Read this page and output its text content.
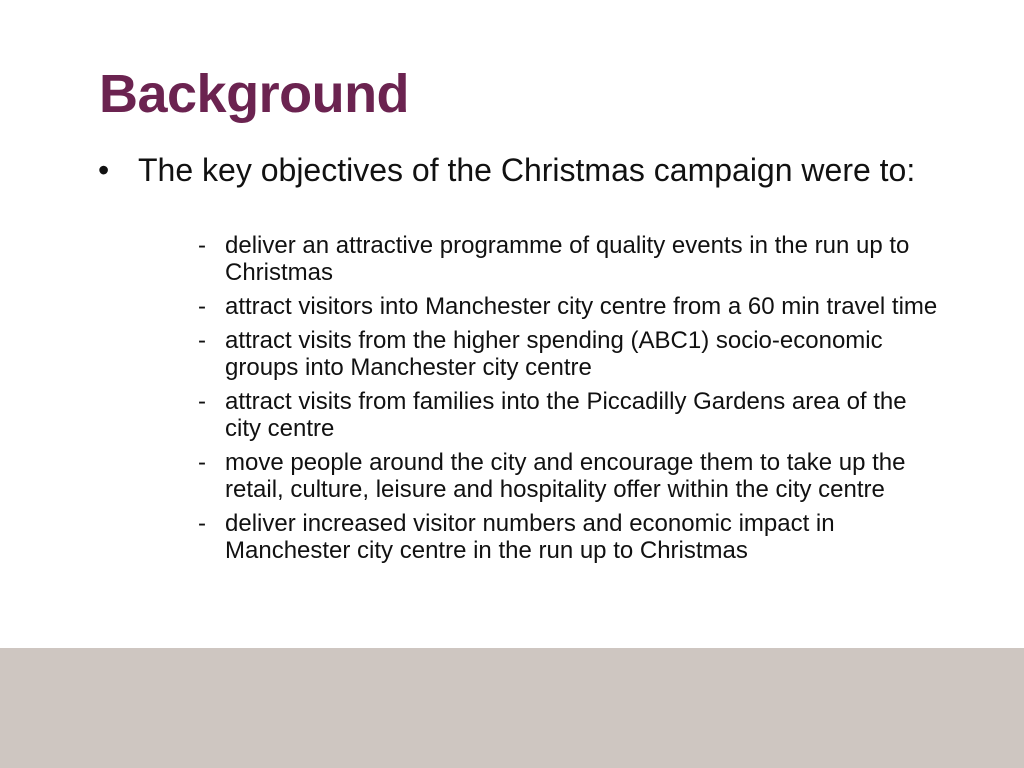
Background
• The key objectives of the Christmas campaign were to:
- deliver an attractive programme of quality events in the run up to Christmas
- attract visitors into Manchester city centre from a 60 min travel time
- attract visits from the higher spending (ABC1) socio-economic groups into Manchester city centre
- attract visits from families into the Piccadilly Gardens area of the city centre
- move people around the city and encourage them to take up the retail, culture, leisure and hospitality offer within the city centre
- deliver increased visitor numbers and economic impact in Manchester city centre in the run up to Christmas
